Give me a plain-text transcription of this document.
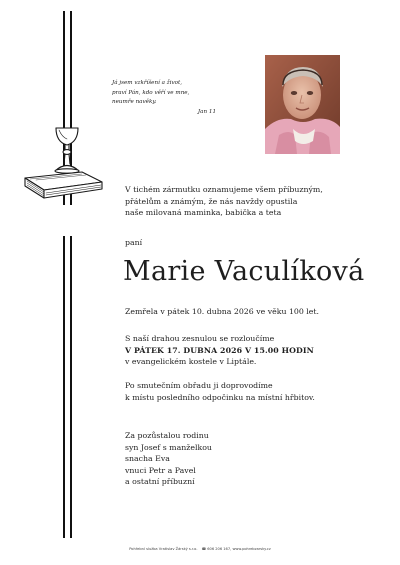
Já jsem vzkříšení a život,
praví Pán, kdo věří ve mne,
neumře navěky.

Jan 11
V tichém zármutku oznamujeme všem příbuzným,
přátelům a známým, že nás navždy opustila
naše milovaná maminka, babička a teta
paní
Marie Vaculíková
Zemřela v pátek 10. dubna 2026 ve věku 100 let.
S naší drahou zesnulou se rozloučíme
V PÁTEK 17. DUBNA 2026 V 15.00 HODIN
v evangelickém kostele v Liptále.
Po smutečním obřadu ji doprovodíme
k místu posledního odpočinku na místní hřbitov.
Za pozůstalou rodinu
syn Josef s manželkou
snacha Eva
vnuci Petr a Pavel
a ostatní příbuzní
Pohřební služba Vratislav Žárský s.r.o. ☎ 606 206 167, www.pohrebzarsky.cz
